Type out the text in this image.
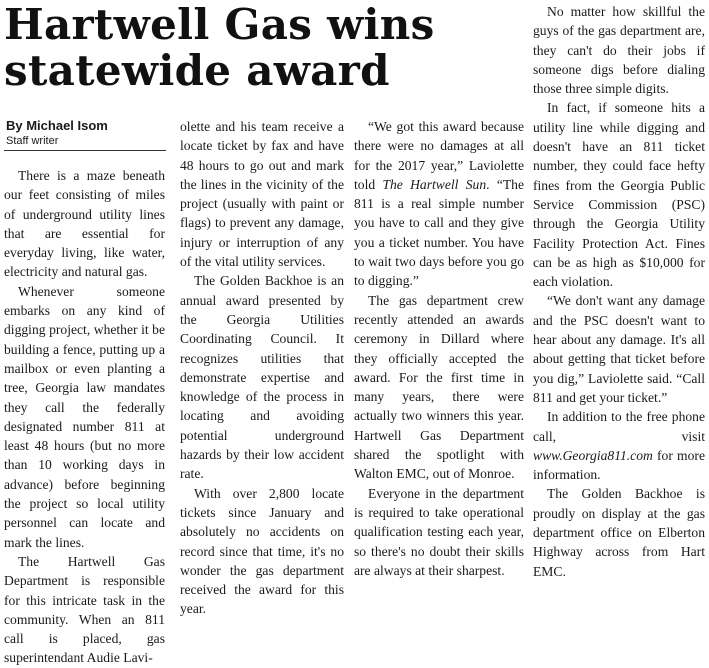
Hartwell Gas wins statewide award
By Michael Isom
Staff writer

There is a maze beneath our feet consisting of miles of underground utility lines that are essential for everyday living, like water, electricity and natural gas.

Whenever someone embarks on any kind of digging project, whether it be building a fence, putting up a mailbox or even planting a tree, Georgia law mandates they call the federally designated number 811 at least 48 hours (but no more than 10 working days in advance) before beginning the project so local utility personnel can locate and mark the lines.

The Hartwell Gas Department is responsible for this intricate task in the community. When an 811 call is placed, gas superintendant Audie Lavi-

olette and his team receive a locate ticket by fax and have 48 hours to go out and mark the lines in the vicinity of the project (usually with paint or flags) to prevent any damage, injury or interruption of any of the vital utility services.

The Golden Backhoe is an annual award presented by the Georgia Utilities Coordinating Council. It recognizes utilities that demonstrate expertise and knowledge of the process in locating and avoiding potential underground hazards by their low accident rate.

With over 2,800 locate tickets since January and absolutely no accidents on record since that time, it's no wonder the gas department received the award for this year.

“We got this award because there were no damages at all for the 2017 year,” Laviolette told The Hartwell Sun. “The 811 is a real simple number you have to call and they give you a ticket number. You have to wait two days before you go to digging.”

The gas department crew recently attended an awards ceremony in Dillard where they officially accepted the award. For the first time in many years, there were actually two winners this year. Hartwell Gas Department shared the spotlight with Walton EMC, out of Monroe.

Everyone in the department is required to take operational qualification testing each year, so there's no doubt their skills are always at their sharpest.

No matter how skillful the guys of the gas department are, they can't do their jobs if someone digs before dialing those three simple digits.

In fact, if someone hits a utility line while digging and doesn't have an 811 ticket number, they could face hefty fines from the Georgia Public Service Commission (PSC) through the Georgia Utility Facility Protection Act. Fines can be as high as $10,000 for each violation.

“We don't want any damage and the PSC doesn't want to hear about any damage. It's all about getting that ticket before you dig,” Laviolette said. “Call 811 and get your ticket.”

In addition to the free phone call, visit www.Georgia811.com for more information.

The Golden Backhoe is proudly on display at the gas department office on Elberton Highway across from Hart EMC.
